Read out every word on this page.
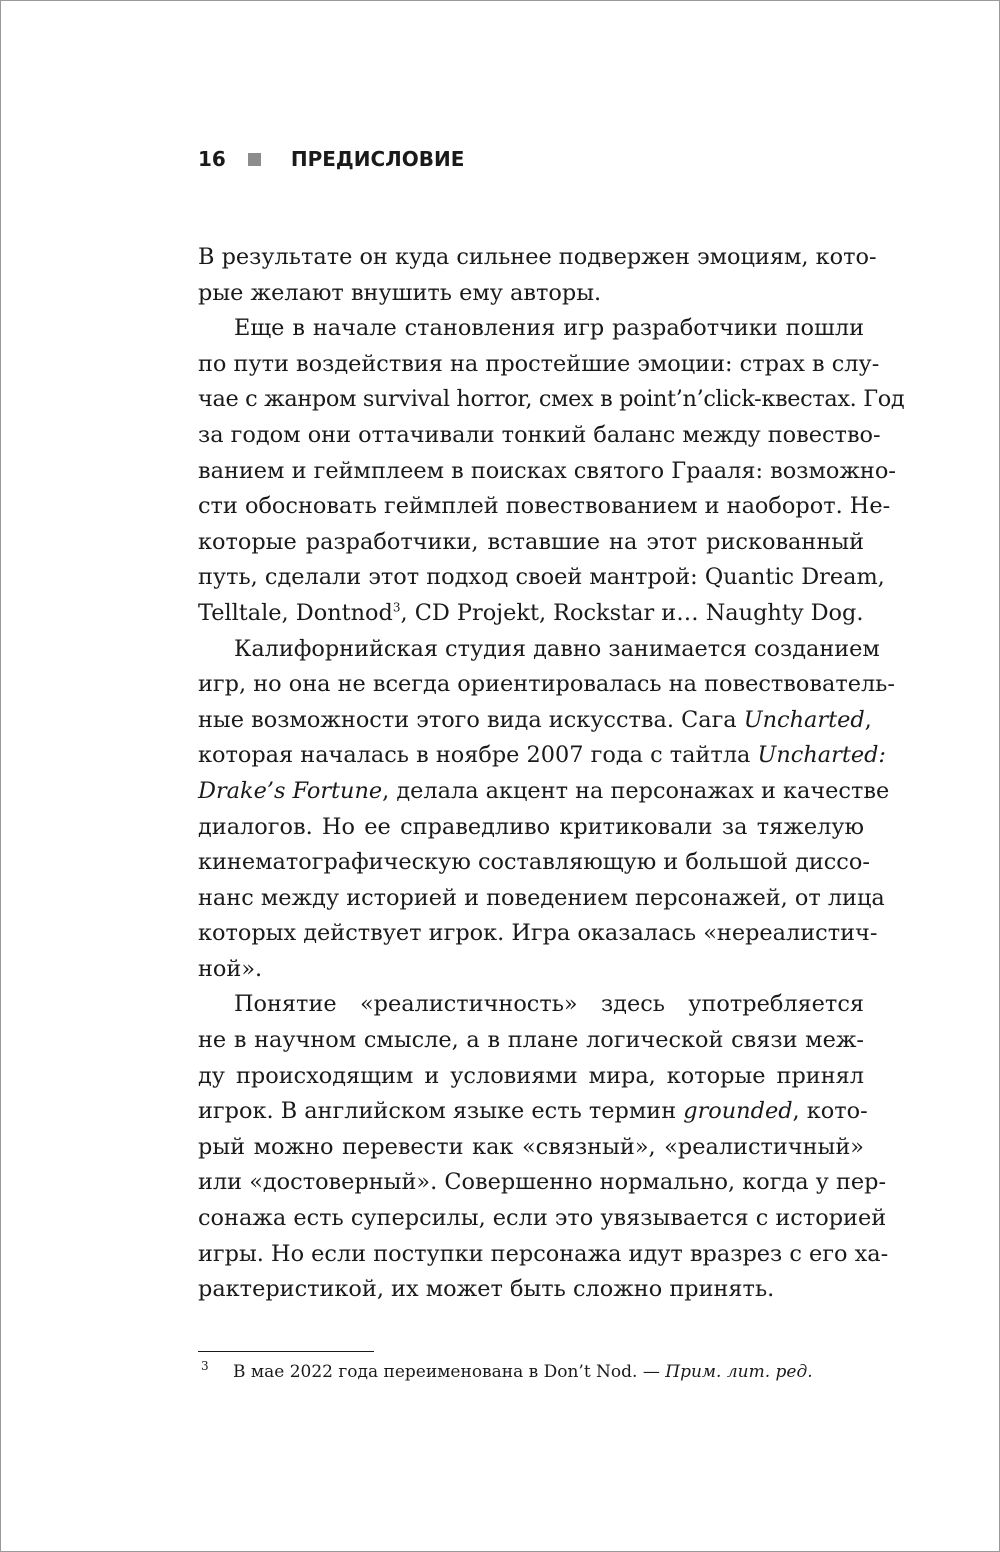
16	ПРЕДИСЛОВИЕ
В результате он куда сильнее подвержен эмоциям, кото-
рые желают внушить ему авторы.
Еще в начале становления игр разработчики пошли
по пути воздействия на простейшие эмоции: страх в слу-
чае с жанром survival horror, смех в point’n’click-квестах. Год
за годом они оттачивали тонкий баланс между повество-
ванием и геймплеем в поисках святого Грааля: возможно-
сти обосновать геймплей повествованием и наоборот. Не-
которые разработчики, вставшие на этот рискованный
путь, сделали этот подход своей мантрой: Quantic Dream,
Telltale, Dontnod$^3$, CD Projekt, Rockstar и… Naughty Dog.
Калифорнийская студия давно занимается созданием
игр, но она не всегда ориентировалась на повествователь-
ные возможности этого вида искусства. Сага Uncharted,
которая началась в ноябре 2007 года с тайтла Uncharted:
Drake’s Fortune, делала акцент на персонажах и качестве
диалогов. Но ее справедливо критиковали за тяжелую
кинематографическую составляющую и большой диссо-
нанс между историей и поведением персонажей, от лица
которых действует игрок. Игра оказалась «нереалистич-
ной».
Понятие «реалистичность» здесь употребляется
не в научном смысле, а в плане логической связи меж-
ду происходящим и условиями мира, которые принял
игрок. В английском языке есть термин grounded, кото-
рый можно перевести как «связный», «реалистичный»
или «достоверный». Совершенно нормально, когда у пер-
сонажа есть суперсилы, если это увязывается с историей
игры. Но если поступки персонажа идут вразрез с его ха-
рактеристикой, их может быть сложно принять.
3 В мае 2022 года переименована в Don’t Nod. — Прим. лит. ред.
